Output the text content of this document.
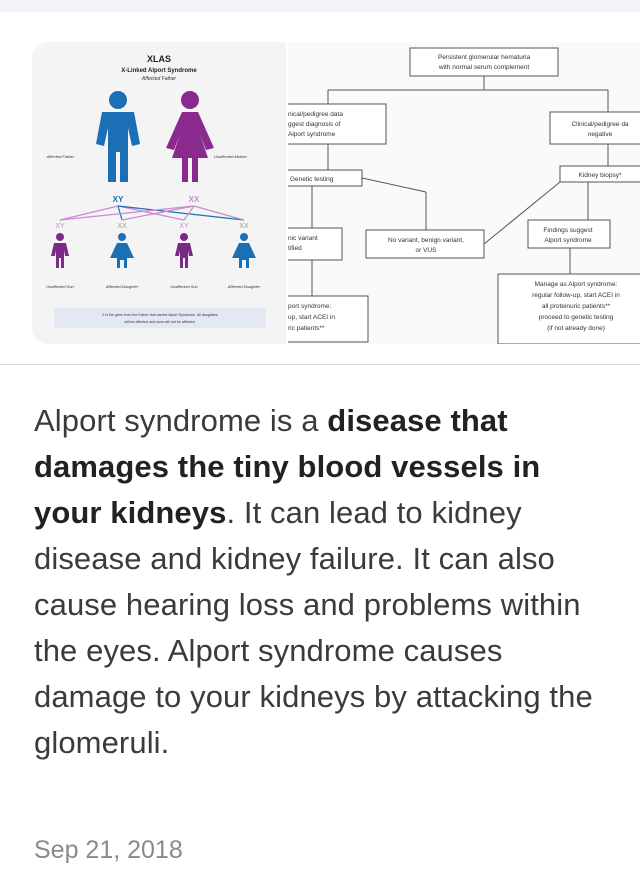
XLAS
X-Linked Alport Syndrome
Affected Father
Affected Father	Unaffected Mother
XY	XX
XY	XX	XY	XX
Unaffected Son	Affected Daughter	Unaffected Son	Affected Daughter
X is the gene from the Father that carries Alport Syndrome. All daughters
will be affected and sons will not be affected.
Persistent glomerular hematuria
with normal serum complement
Clinical/pedigree da
negative
Kidney biopsy*
No variant, benign variant,
or VUS
Findings suggest
Alport syndrome
Manage as Alport syndrome:
regular follow-up, start ACEI in
all proteinuric patients**
proceed to genetic testing
(if not already done)
nical/pedigree data
ggest diagnosis of
Alport syndrome
Genetic testing
nic variant
tified
port syndrome:
up, start ACEI in
ric patients**

Alport syndrome is a disease that damages the tiny blood vessels in your kidneys. It can lead to kidney disease and kidney failure. It can also cause hearing loss and problems within the eyes. Alport syndrome causes damage to your kidneys by attacking the glomeruli.

Sep 21, 2018
